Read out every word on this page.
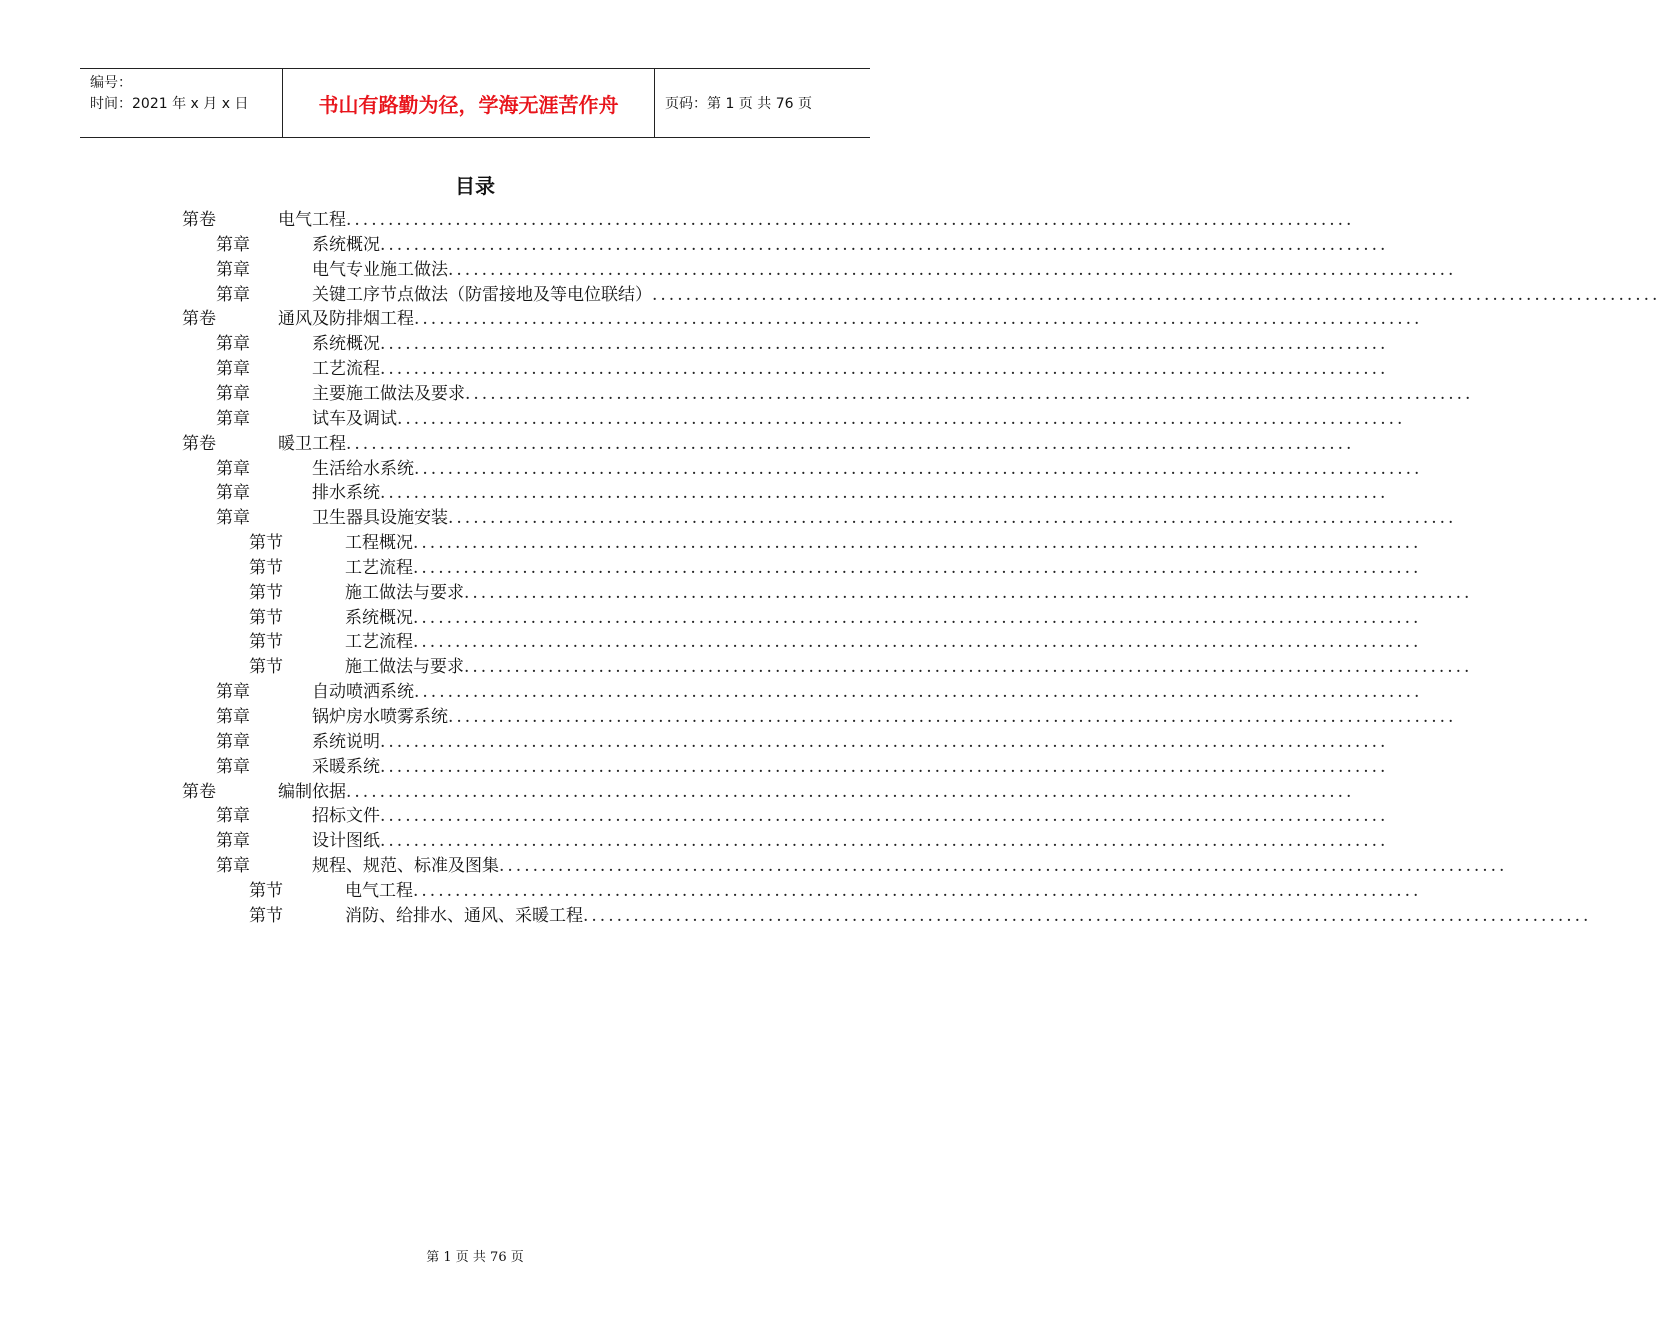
编号：
时间：2021 年 x 月 x 日	书山有路勤为径，学海无涯苦作舟	页码：第 1 页 共 76 页
目录
第卷	电气工程 ........................................................................................................................
第章	系统概况 ........................................................................................................................
第章	电气专业施工做法 ........................................................................................................................
第章	关键工序节点做法（防雷接地及等电位联结） ........................................................................................................................
第卷	通风及防排烟工程 ........................................................................................................................
第章	系统概况 ........................................................................................................................
第章	工艺流程 ........................................................................................................................
第章	主要施工做法及要求 ........................................................................................................................
第章	试车及调试 ........................................................................................................................
第卷	暖卫工程 ........................................................................................................................
第章	生活给水系统 ........................................................................................................................
第章	排水系统 ........................................................................................................................
第章	卫生器具设施安装 ........................................................................................................................
第节	工程概况 ........................................................................................................................
第节	工艺流程 ........................................................................................................................
第节	施工做法与要求 ........................................................................................................................
第节	系统概况 ........................................................................................................................
第节	工艺流程 ........................................................................................................................
第节	施工做法与要求 ........................................................................................................................
第章	自动喷洒系统 ........................................................................................................................
第章	锅炉房水喷雾系统 ........................................................................................................................
第章	系统说明 ........................................................................................................................
第章	采暖系统 ........................................................................................................................
第卷	编制依据 ........................................................................................................................
第章	招标文件 ........................................................................................................................
第章	设计图纸 ........................................................................................................................
第章	规程、规范、标准及图集 ........................................................................................................................
第节	电气工程 ........................................................................................................................
第节	消防、给排水、通风、采暖工程 ........................................................................................................................
第 1 页 共 76 页
